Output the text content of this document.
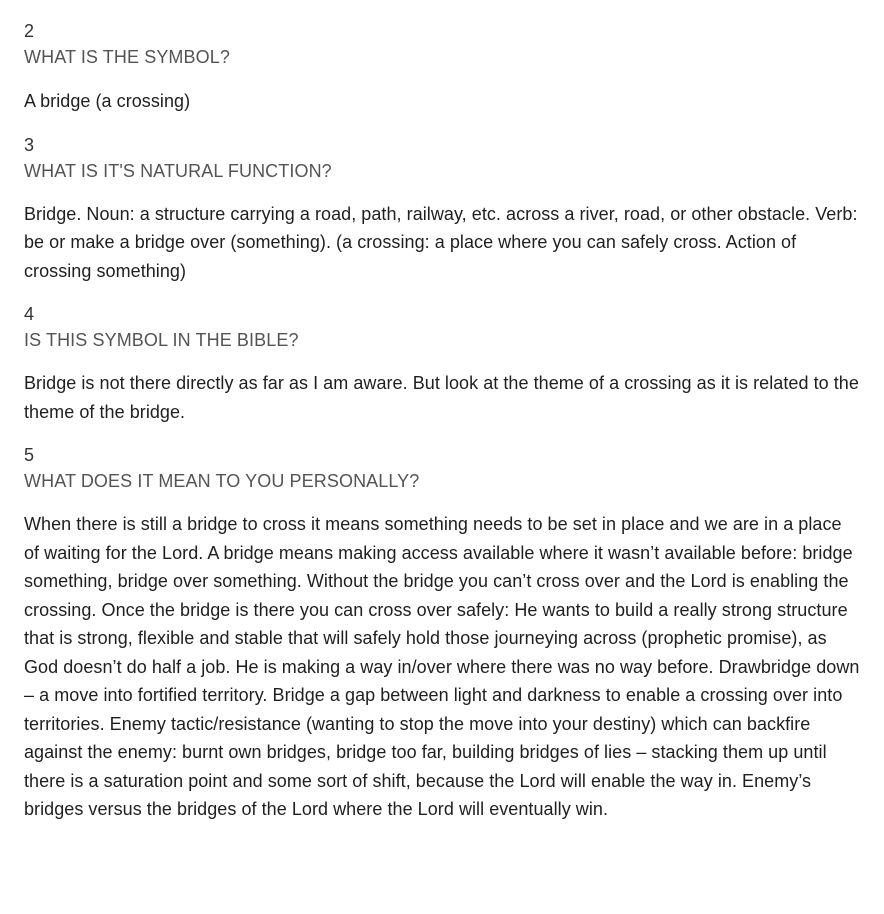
2

WHAT IS THE SYMBOL?

A bridge (a crossing)

3

WHAT IS IT'S NATURAL FUNCTION?

Bridge. Noun: a structure carrying a road, path, railway, etc. across a river, road, or other obstacle. Verb: be or make a bridge over (something). (a crossing: a place where you can safely cross. Action of crossing something)

4

IS THIS SYMBOL IN THE BIBLE?

Bridge is not there directly as far as I am aware. But look at the theme of a crossing as it is related to the theme of the bridge.

5

WHAT DOES IT MEAN TO YOU PERSONALLY?

When there is still a bridge to cross it means something needs to be set in place and we are in a place of waiting for the Lord. A bridge means making access available where it wasn’t available before: bridge something, bridge over something. Without the bridge you can’t cross over and the Lord is enabling the crossing. Once the bridge is there you can cross over safely: He wants to build a really strong structure that is strong, flexible and stable that will safely hold those journeying across (prophetic promise), as God doesn’t do half a job. He is making a way in/over where there was no way before. Drawbridge down – a move into fortified territory. Bridge a gap between light and darkness to enable a crossing over into territories. Enemy tactic/resistance (wanting to stop the move into your destiny) which can backfire against the enemy: burnt own bridges, bridge too far, building bridges of lies – stacking them up until there is a saturation point and some sort of shift, because the Lord will enable the way in. Enemy’s bridges versus the bridges of the Lord where the Lord will eventually win.
